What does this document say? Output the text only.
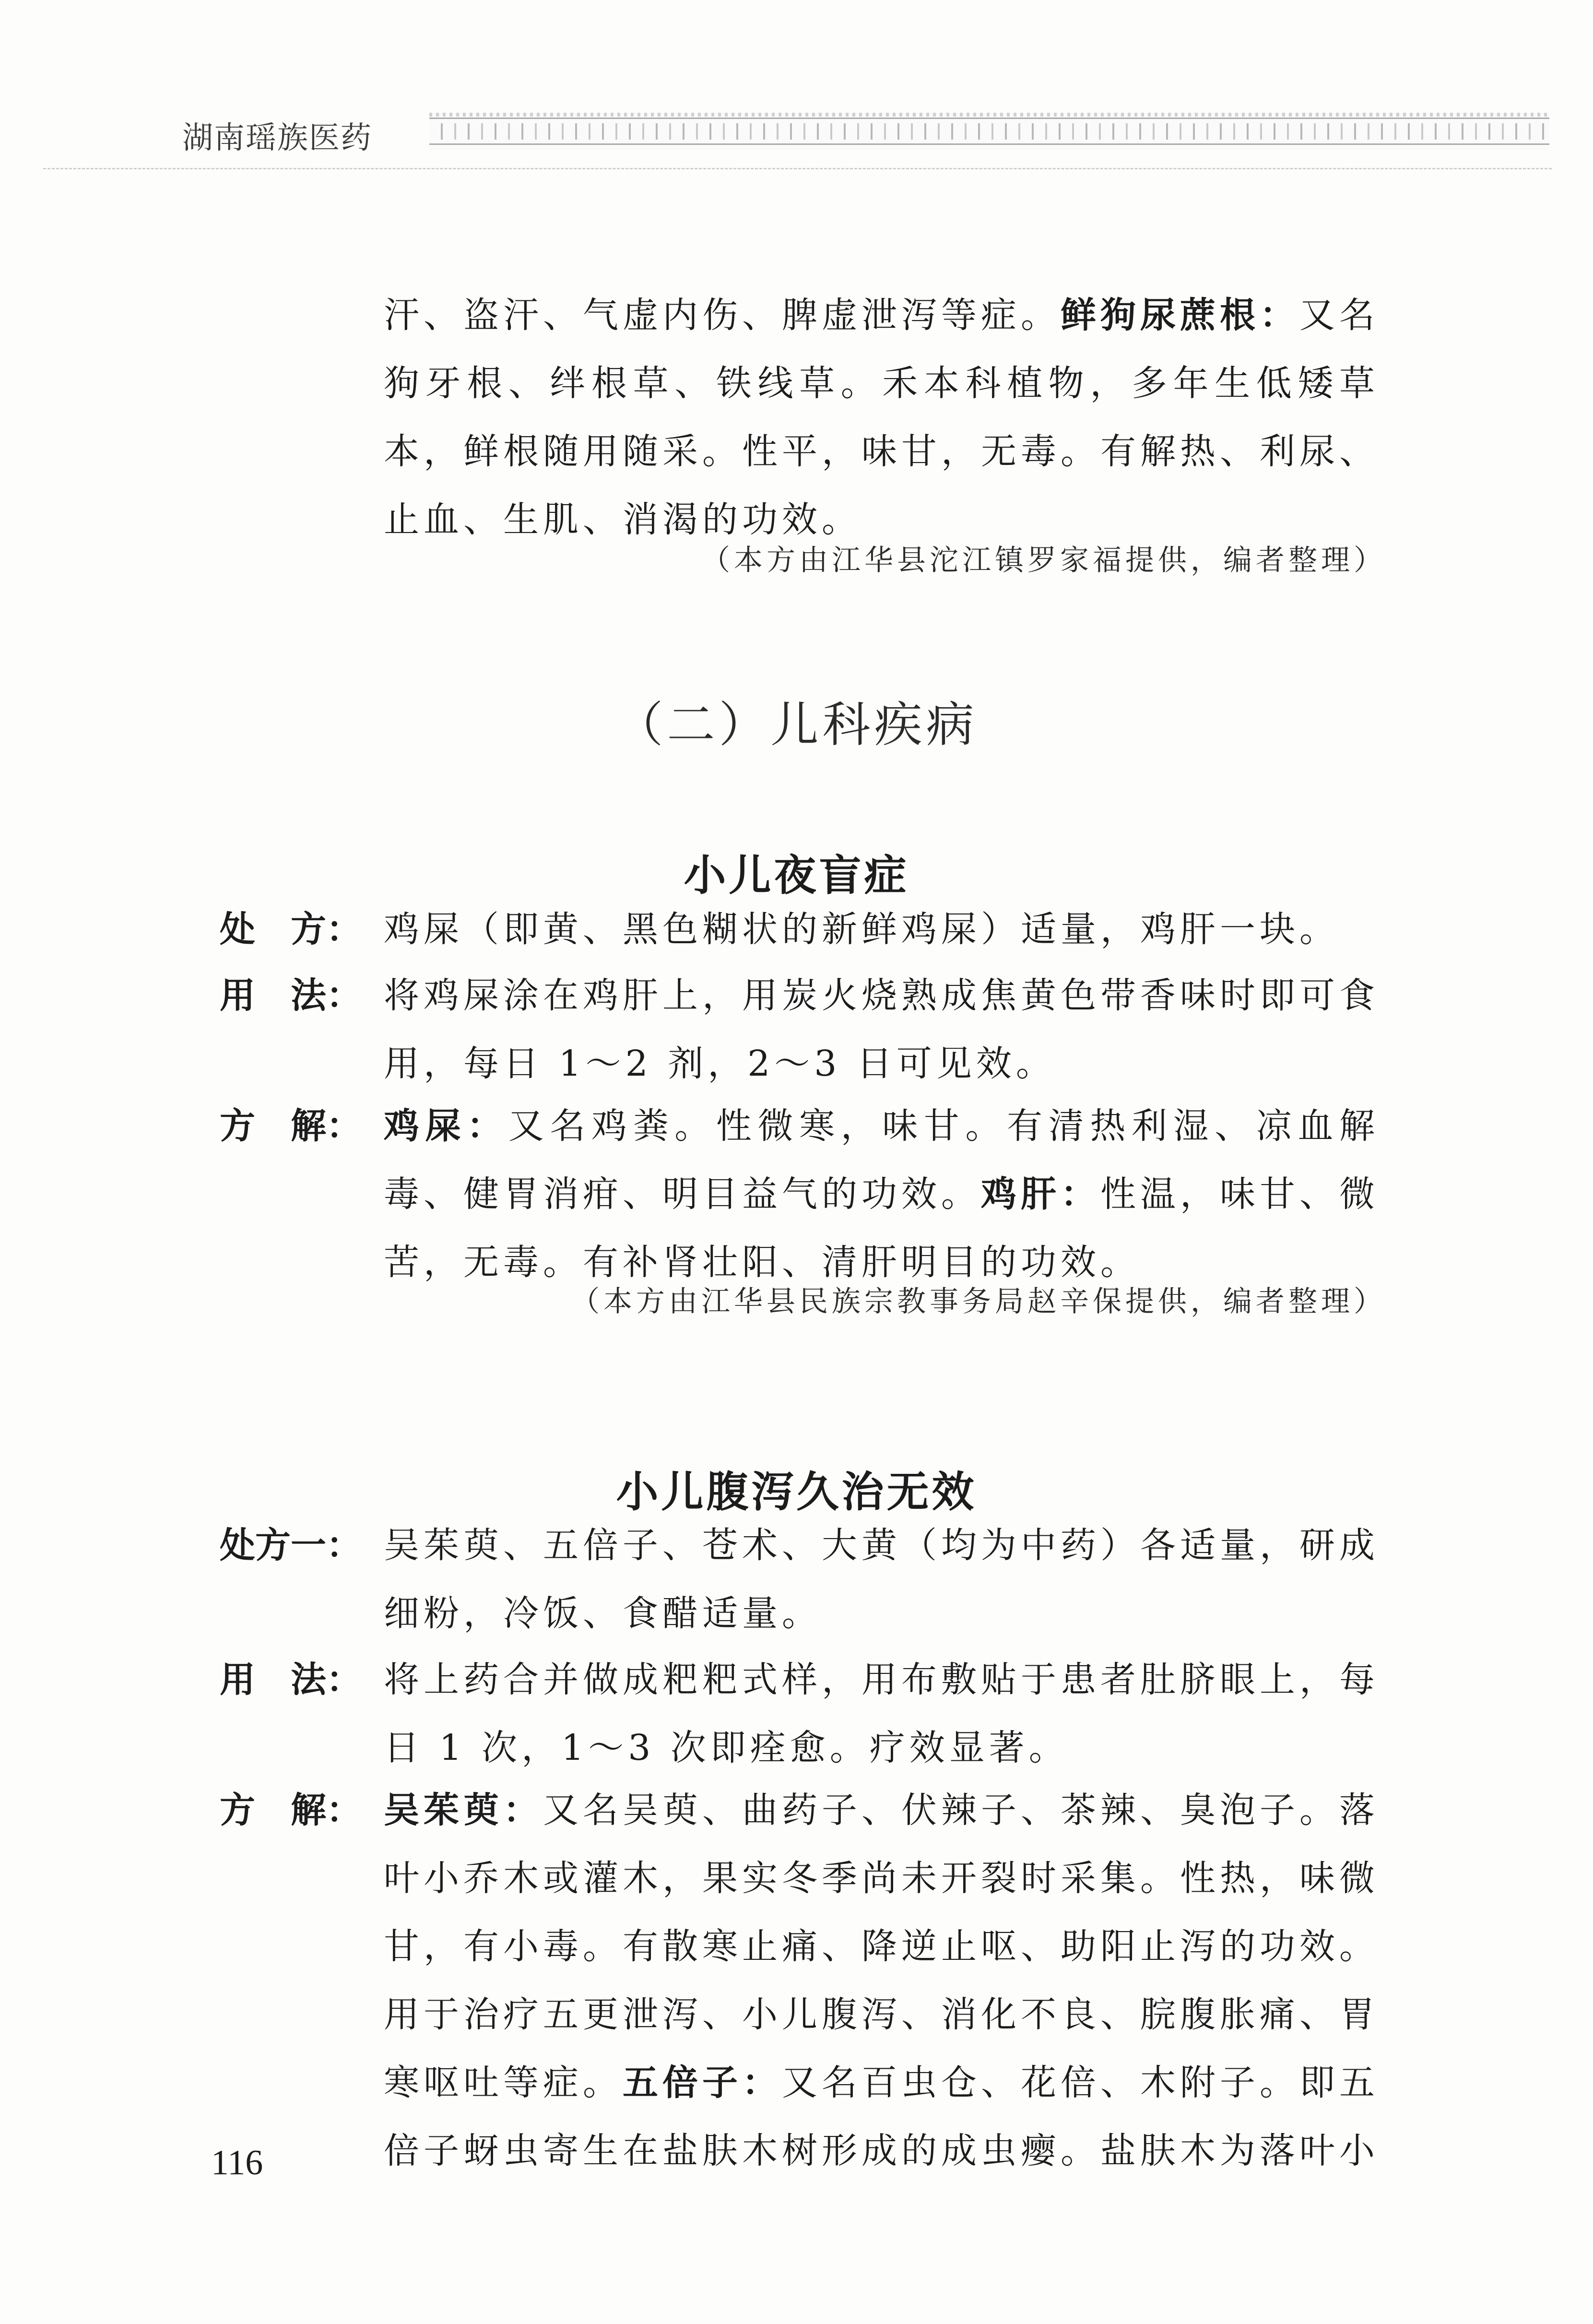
湖南瑶族医药
汗、盗汗、气虚内伤、脾虚泄泻等症。鲜狗尿蔗根：又名
狗牙根、绊根草、铁线草。禾本科植物，多年生低矮草
本，鲜根随用随采。性平，味甘，无毒。有解热、利尿、
止血、生肌、消渴的功效。
（本方由江华县沱江镇罗家福提供，编者整理）
（二）儿科疾病
小儿夜盲症
处　方： 鸡屎（即黄、黑色糊状的新鲜鸡屎）适量，鸡肝一块。
用　法： 将鸡屎涂在鸡肝上，用炭火烧熟成焦黄色带香味时即可食
用，每日 1～2 剂，2～3 日可见效。
方　解： 鸡屎：又名鸡粪。性微寒，味甘。有清热利湿、凉血解
毒、健胃消疳、明目益气的功效。鸡肝：性温，味甘、微
苦，无毒。有补肾壮阳、清肝明目的功效。
（本方由江华县民族宗教事务局赵辛保提供，编者整理）
小儿腹泻久治无效
处方一： 吴茱萸、五倍子、苍术、大黄（均为中药）各适量，研成
细粉，冷饭、食醋适量。
用　法： 将上药合并做成粑粑式样，用布敷贴于患者肚脐眼上，每
日 1 次，1～3 次即痊愈。疗效显著。
方　解： 吴茱萸：又名吴萸、曲药子、伏辣子、茶辣、臭泡子。落
叶小乔木或灌木，果实冬季尚未开裂时采集。性热，味微
甘，有小毒。有散寒止痛、降逆止呕、助阳止泻的功效。
用于治疗五更泄泻、小儿腹泻、消化不良、脘腹胀痛、胃
寒呕吐等症。五倍子：又名百虫仓、花倍、木附子。即五
倍子蚜虫寄生在盐肤木树形成的成虫瘿。盐肤木为落叶小
116
